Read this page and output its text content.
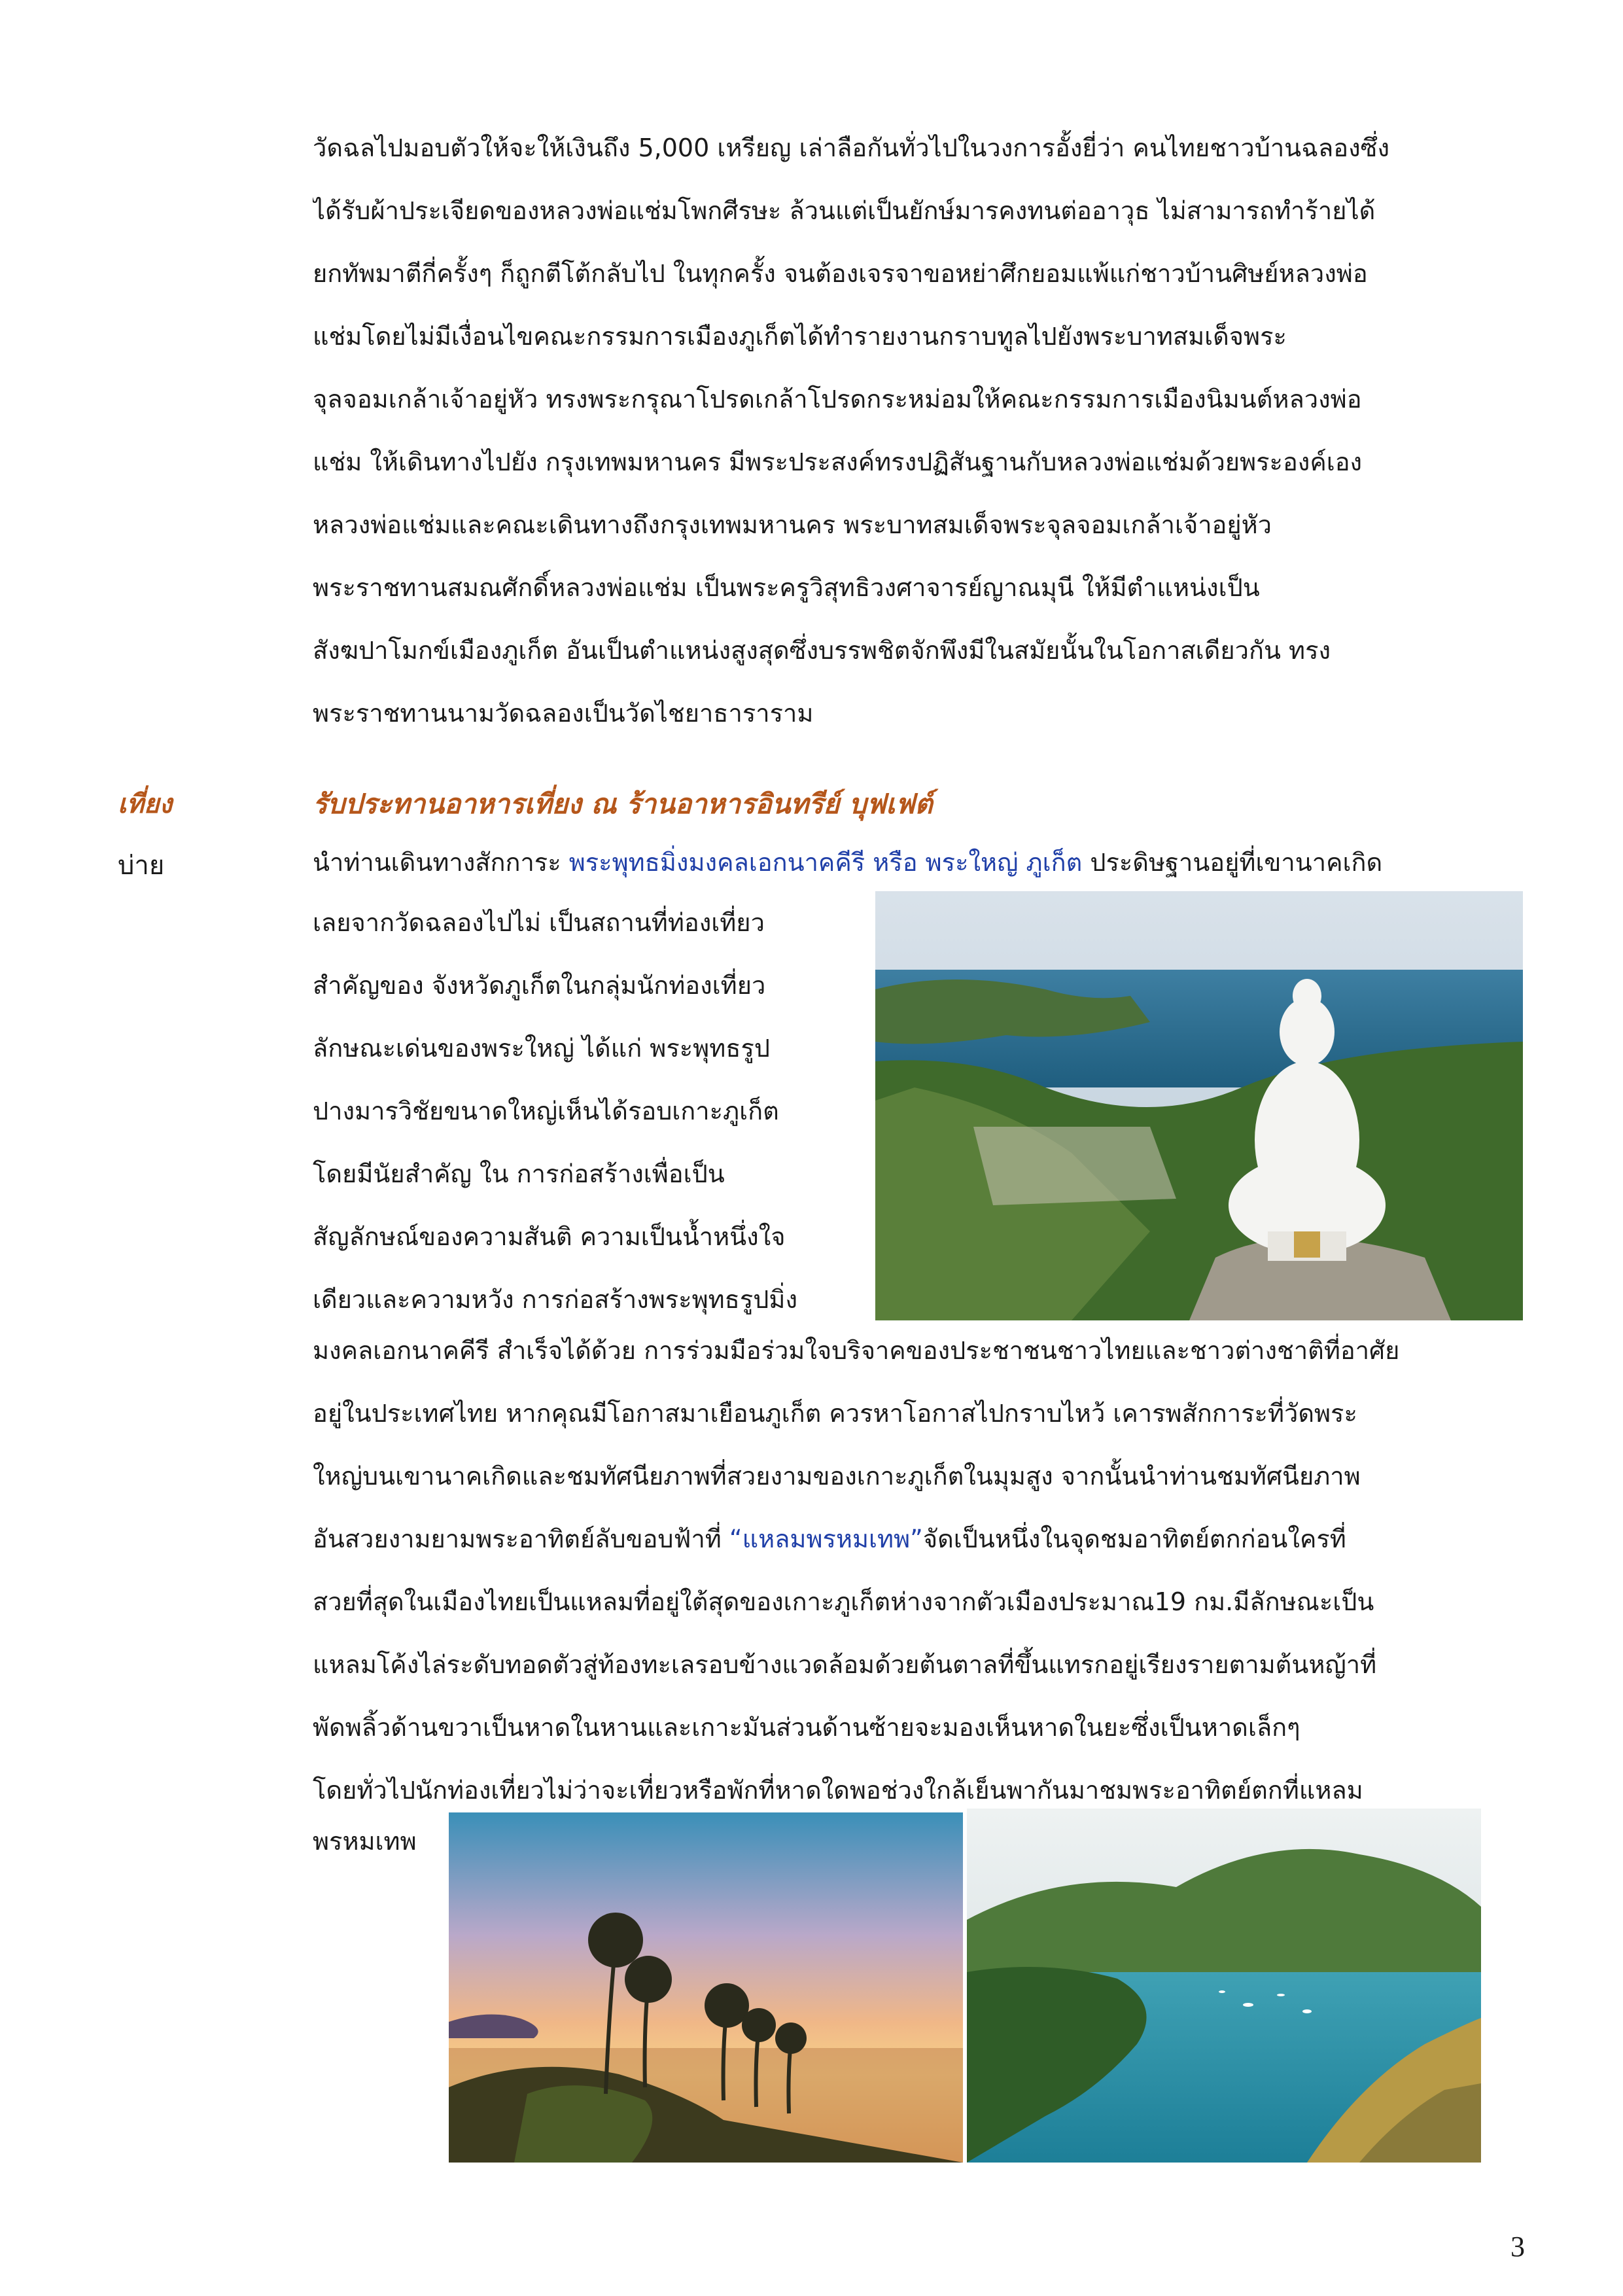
วัดฉลไปมอบตัวให้จะให้เงินถึง 5,000 เหรียญ เล่าลือกันทั่วไปในวงการอั้งยี่ว่า คนไทยชาวบ้านฉลองซึ่ง
ได้รับผ้าประเจียดของหลวงพ่อแช่มโพกศีรษะ ล้วนแต่เป็นยักษ์มารคงทนต่ออาวุธ ไม่สามารถทำร้ายได้
ยกทัพมาตีกี่ครั้งๆ ก็ถูกตีโต้กลับไป ในทุกครั้ง จนต้องเจรจาขอหย่าศึกยอมแพ้แก่ชาวบ้านศิษย์หลวงพ่อ
แช่มโดยไม่มีเงื่อนไขคณะกรรมการเมืองภูเก็ตได้ทำรายงานกราบทูลไปยังพระบาทสมเด็จพระ
จุลจอมเกล้าเจ้าอยู่หัว ทรงพระกรุณาโปรดเกล้าโปรดกระหม่อมให้คณะกรรมการเมืองนิมนต์หลวงพ่อ
แช่ม ให้เดินทางไปยัง กรุงเทพมหานคร มีพระประสงค์ทรงปฏิสันฐานกับหลวงพ่อแช่มด้วยพระองค์เอง
หลวงพ่อแช่มและคณะเดินทางถึงกรุงเทพมหานคร พระบาทสมเด็จพระจุลจอมเกล้าเจ้าอยู่หัว
พระราชทานสมณศักดิ์หลวงพ่อแช่ม เป็นพระครูวิสุทธิวงศาจารย์ญาณมุนี ให้มีตำแหน่งเป็น
สังฆปาโมกข์เมืองภูเก็ต อันเป็นตำแหน่งสูงสุดซึ่งบรรพชิตจักพึงมีในสมัยนั้นในโอกาสเดียวกัน ทรง
พระราชทานนามวัดฉลองเป็นวัดไชยาธาราราม
เที่ยง	รับประทานอาหารเที่ยง ณ ร้านอาหารอินทรีย์ บุฟเฟต์
บ่าย	นำท่านเดินทางสักการะ พระพุทธมิ่งมงคลเอกนาคคีรี หรือ พระใหญ่ ภูเก็ต ประดิษฐานอยู่ที่เขานาคเกิด
เลยจากวัดฉลองไปไม่ เป็นสถานที่ท่องเที่ยว
สำคัญของ จังหวัดภูเก็ตในกลุ่มนักท่องเที่ยว
ลักษณะเด่นของพระใหญ่ ได้แก่ พระพุทธรูป
ปางมารวิชัยขนาดใหญ่เห็นได้รอบเกาะภูเก็ต
โดยมีนัยสำคัญ ใน การก่อสร้างเพื่อเป็น
สัญลักษณ์ของความสันติ ความเป็นน้ำหนึ่งใจ
เดียวและความหวัง การก่อสร้างพระพุทธรูปมิ่ง
มงคลเอกนาคคีรี สำเร็จได้ด้วย การร่วมมือร่วมใจบริจาคของประชาชนชาวไทยและชาวต่างชาติที่อาศัย
อยู่ในประเทศไทย หากคุณมีโอกาสมาเยือนภูเก็ต ควรหาโอกาสไปกราบไหว้ เคารพสักการะที่วัดพระ
ใหญ่บนเขานาคเกิดและชมทัศนียภาพที่สวยงามของเกาะภูเก็ตในมุมสูง จากนั้นนำท่านชมทัศนียภาพ
อันสวยงามยามพระอาทิตย์ลับขอบฟ้าที่ “แหลมพรหมเทพ”จัดเป็นหนึ่งในจุดชมอาทิตย์ตกก่อนใครที่
สวยที่สุดในเมืองไทยเป็นแหลมที่อยู่ใต้สุดของเกาะภูเก็ตห่างจากตัวเมืองประมาณ19 กม.มีลักษณะเป็น
แหลมโค้งไล่ระดับทอดตัวสู่ท้องทะเลรอบข้างแวดล้อมด้วยต้นตาลที่ขึ้นแทรกอยู่เรียงรายตามต้นหญ้าที่
พัดพลิ้วด้านขวาเป็นหาดในหานและเกาะมันส่วนด้านซ้ายจะมองเห็นหาดในยะซึ่งเป็นหาดเล็กๆ
โดยทั่วไปนักท่องเที่ยวไม่ว่าจะเที่ยวหรือพักที่หาดใดพอช่วงใกล้เย็นพากันมาชมพระอาทิตย์ตกที่แหลม
พรหมเทพ
3
